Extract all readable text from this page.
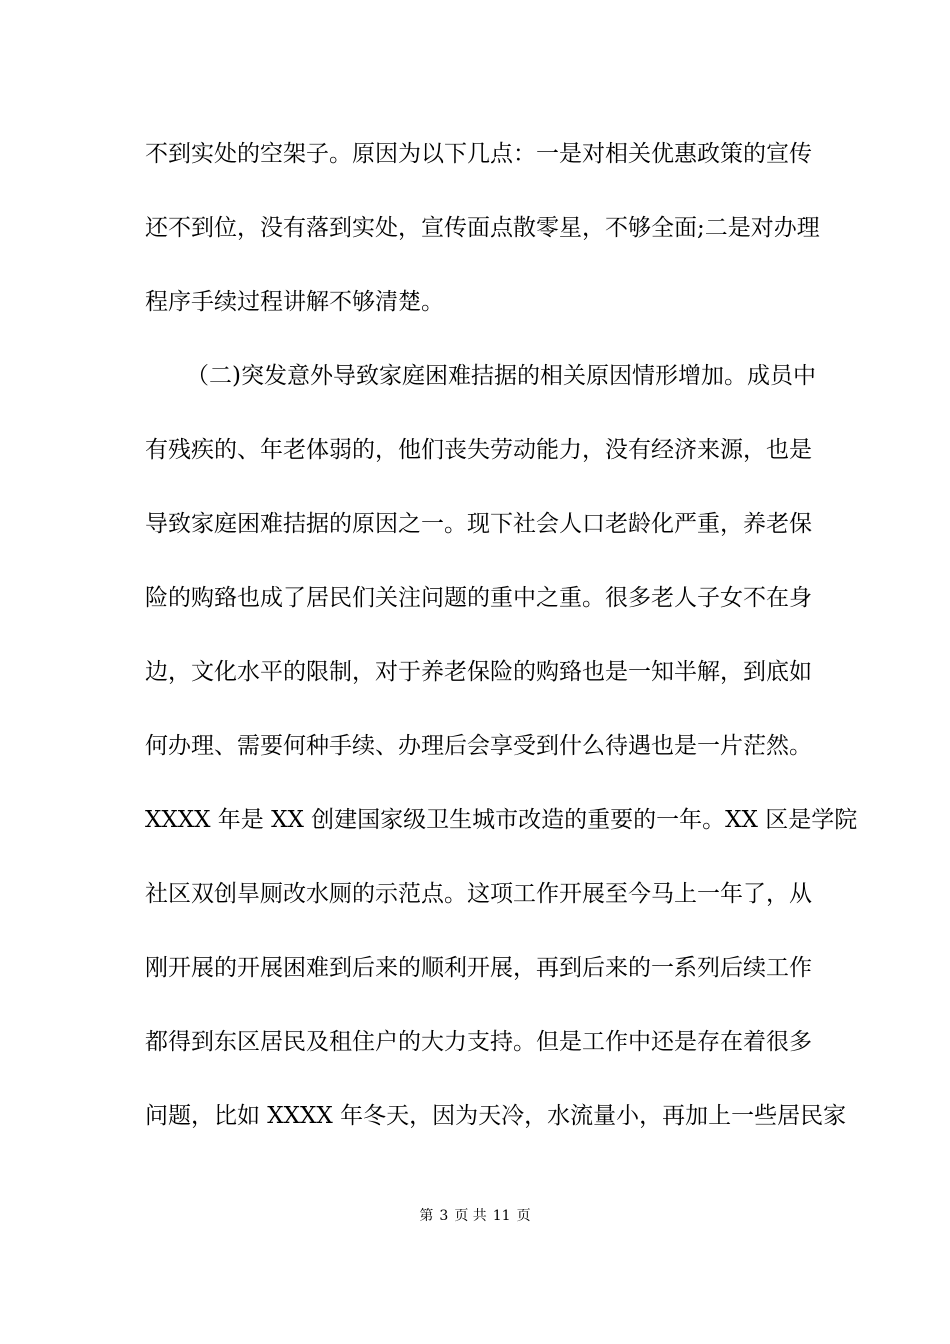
不到实处的空架子。原因为以下几点：一是对相关优惠政策的宣传
还不到位，没有落到实处，宣传面点散零星，不够全面;二是对办理
程序手续过程讲解不够清楚。
（二)突发意外导致家庭困难拮据的相关原因情形增加。成员中
有残疾的、年老体弱的，他们丧失劳动能力，没有经济来源，也是
导致家庭困难拮据的原因之一。现下社会人口老龄化严重，养老保
险的购臵也成了居民们关注问题的重中之重。很多老人子女不在身
边，文化水平的限制，对于养老保险的购臵也是一知半解，到底如
何办理、需要何种手续、办理后会享受到什么待遇也是一片茫然。
XXXX 年是 XX 创建国家级卫生城市改造的重要的一年。XX 区是学院
社区双创旱厕改水厕的示范点。这项工作开展至今马上一年了，从
刚开展的开展困难到后来的顺利开展，再到后来的一系列后续工作
都得到东区居民及租住户的大力支持。但是工作中还是存在着很多
问题，比如 XXXX 年冬天，因为天冷，水流量小，再加上一些居民家
第 3 页 共 11 页
